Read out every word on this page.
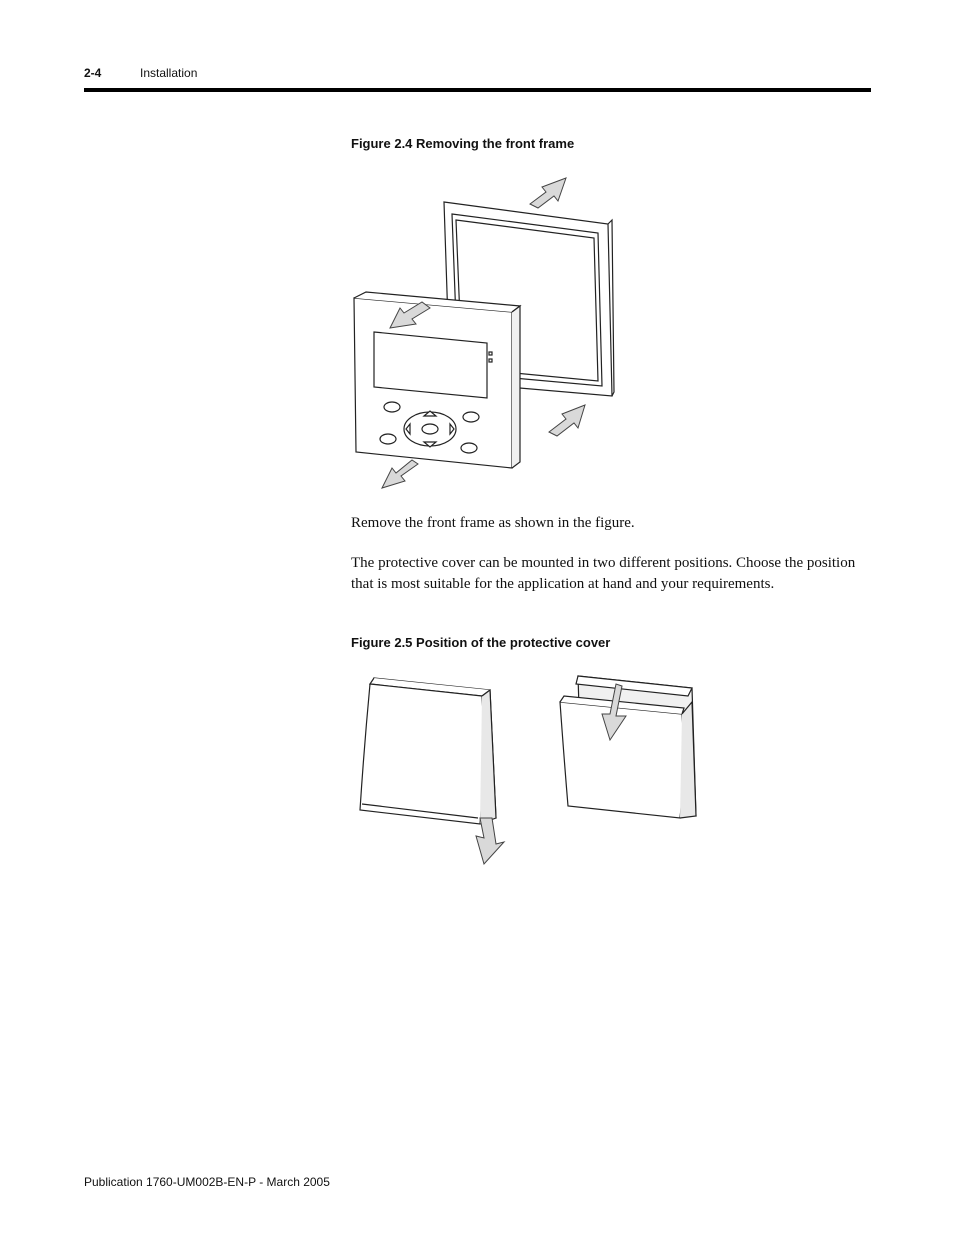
2-4	Installation
Figure 2.4 Removing the front frame

Remove the front frame as shown in the figure.

The protective cover can be mounted in two different positions. Choose the position that is most suitable for the application at hand and your requirements.

Figure 2.5 Position of the protective cover
Publication 1760-UM002B-EN-P - March 2005
